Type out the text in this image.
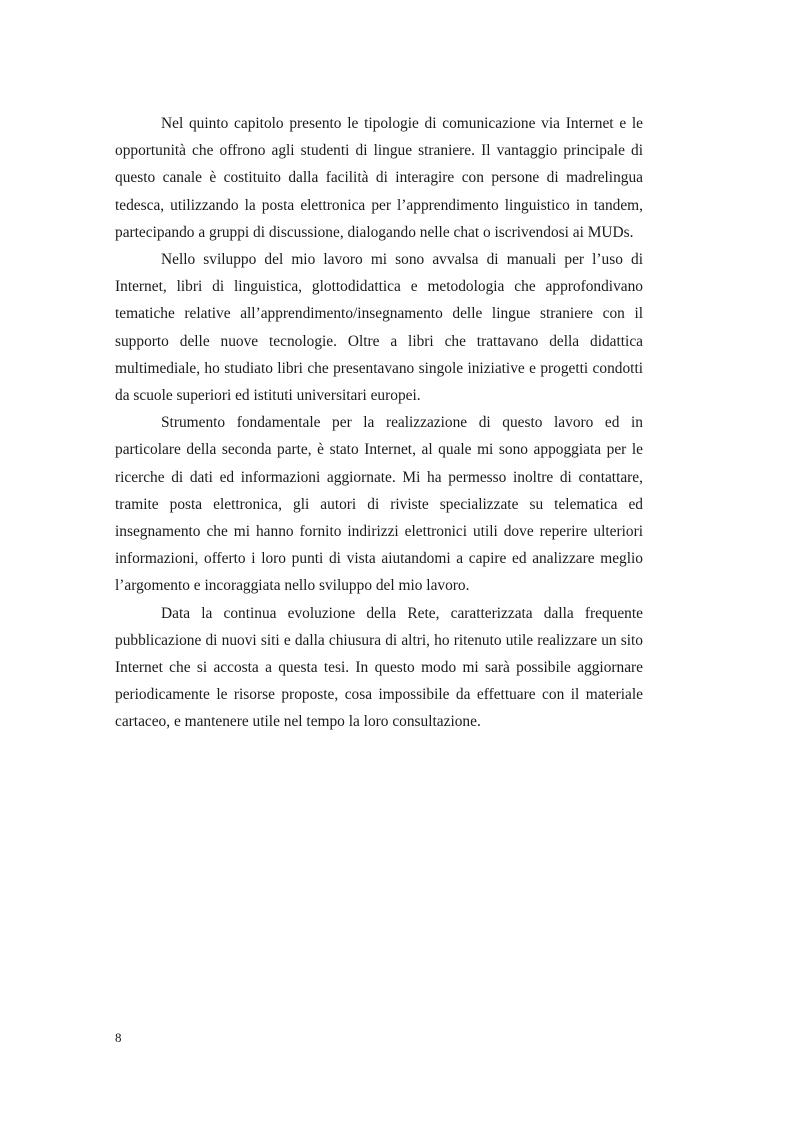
Nel quinto capitolo presento le tipologie di comunicazione via Internet e le opportunità che offrono agli studenti di lingue straniere. Il vantaggio principale di questo canale è costituito dalla facilità di interagire con persone di madrelingua tedesca, utilizzando la posta elettronica per l’apprendimento linguistico in tandem, partecipando a gruppi di discussione, dialogando nelle chat o iscrivendosi ai MUDs.

Nello sviluppo del mio lavoro mi sono avvalsa di manuali per l’uso di Internet, libri di linguistica, glottodidattica e metodologia che approfondivano tematiche relative all’apprendimento/insegnamento delle lingue straniere con il supporto delle nuove tecnologie. Oltre a libri che trattavano della didattica multimediale, ho studiato libri che presentavano singole iniziative e progetti condotti da scuole superiori ed istituti universitari europei.

Strumento fondamentale per la realizzazione di questo lavoro ed in particolare della seconda parte, è stato Internet, al quale mi sono appoggiata per le ricerche di dati ed informazioni aggiornate. Mi ha permesso inoltre di contattare, tramite posta elettronica, gli autori di riviste specializzate su telematica ed insegnamento che mi hanno fornito indirizzi elettronici utili dove reperire ulteriori informazioni, offerto i loro punti di vista aiutandomi a capire ed analizzare meglio l’argomento e incoraggiata nello sviluppo del mio lavoro.

Data la continua evoluzione della Rete, caratterizzata dalla frequente pubblicazione di nuovi siti e dalla chiusura di altri, ho ritenuto utile realizzare un sito Internet che si accosta a questa tesi. In questo modo mi sarà possibile aggiornare periodicamente le risorse proposte, cosa impossibile da effettuare con il materiale cartaceo, e mantenere utile nel tempo la loro consultazione.

8
